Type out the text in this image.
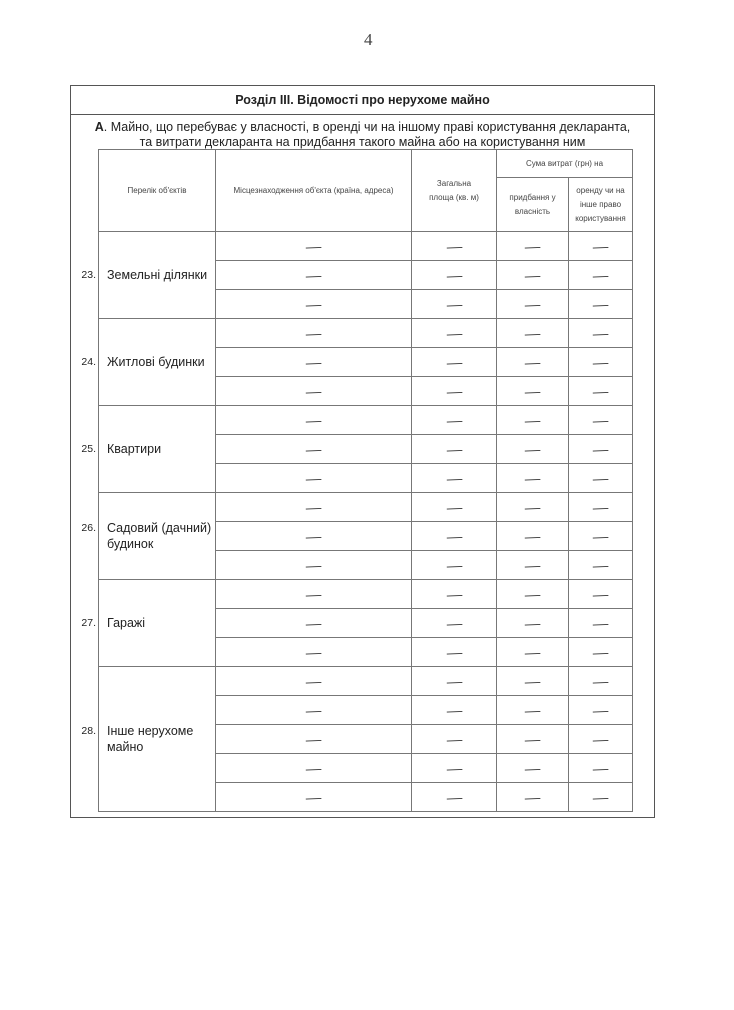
4
Розділ III. Відомості про нерухоме майно
А. Майно, що перебуває у власності, в оренді чи на іншому праві користування декларанта,
та витрати декларанта на придбання такого майна або на користування ним
Перелік об'єктів	Місцезнаходження об'єкта (країна, адреса)	Загальна площа (кв. м)	Сума витрат (грн) на	
			придбання у власність	оренду чи на інше право користування

23. Земельні ділянки	—	—	—	—
	—	—	—	—
	—	—	—	—

24. Житлові будинки	—	—	—	—
	—	—	—	—
	—	—	—	—

25. Квартири	—	—	—	—
	—	—	—	—
	—	—	—	—

26. Садовий (дачний) будинок	—	—	—	—
	—	—	—	—
	—	—	—	—

27. Гаражі	—	—	—	—
	—	—	—	—
	—	—	—	—

28. Інше нерухоме майно	—	—	—	—
	—	—	—	—
	—	—	—	—
	—	—	—	—
	—	—	—	—
